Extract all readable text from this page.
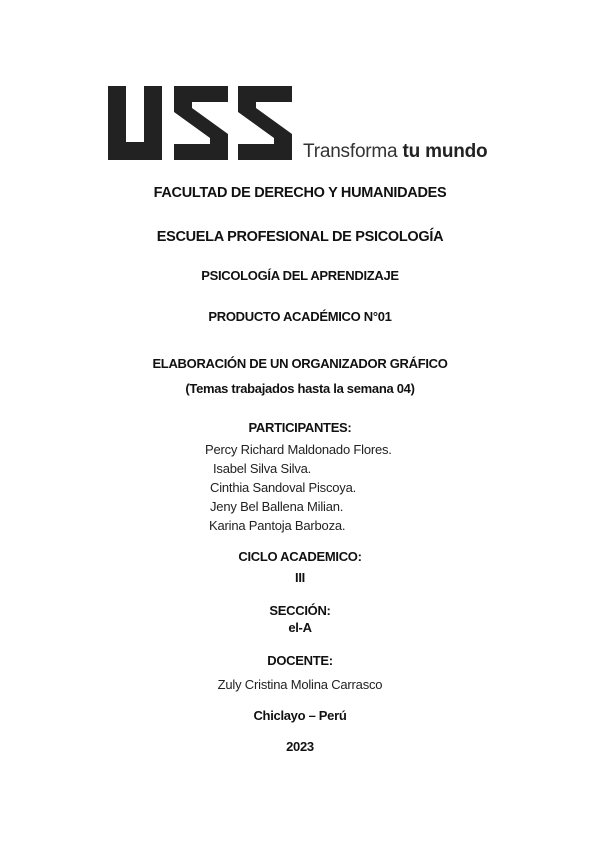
Transforma tu mundo
FACULTAD DE DERECHO Y HUMANIDADES
ESCUELA PROFESIONAL DE PSICOLOGÍA
PSICOLOGÍA DEL APRENDIZAJE
PRODUCTO ACADÉMICO N°01
ELABORACIÓN DE UN ORGANIZADOR GRÁFICO
(Temas trabajados hasta la semana 04)
PARTICIPANTES:
Percy Richard Maldonado Flores.
Isabel Silva Silva.
Cinthia Sandoval Piscoya.
Jeny Bel Ballena Milian.
Karina Pantoja Barboza.
CICLO ACADEMICO:
III
SECCIÓN:
el-A
DOCENTE:
Zuly Cristina Molina Carrasco
Chiclayo – Perú
2023
